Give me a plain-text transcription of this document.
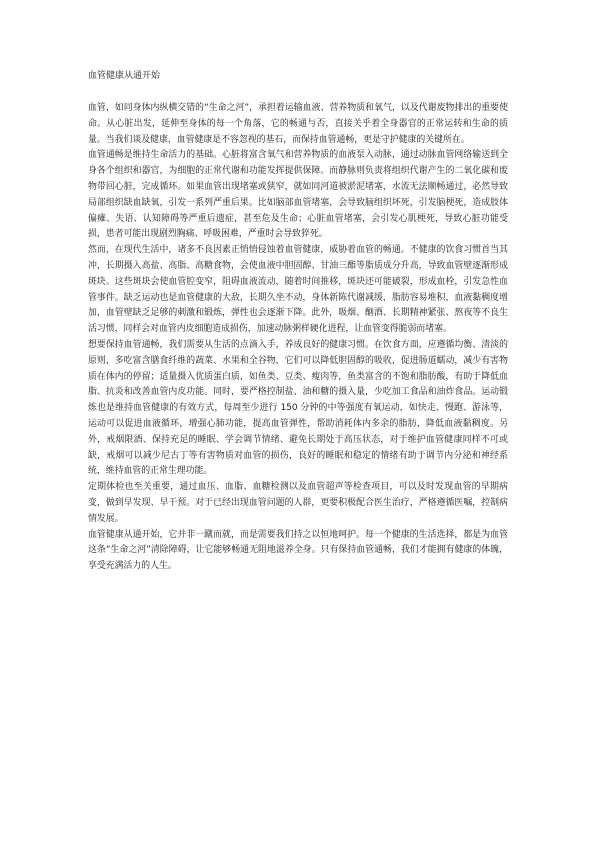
血管健康从通开始

血管，如同身体内纵横交错的“生命之河”，承担着运输血液、营养物质和氧气，以及代谢废物排出的重要使命。从心脏出发，延伸至身体的每一个角落，它的畅通与否，直接关乎着全身器官的正常运转和生命的质量。当我们谈及健康，血管健康是不容忽视的基石，而保持血管通畅，更是守护健康的关键所在。

血管通畅是维持生命活力的基础。心脏将富含氧气和营养物质的血液泵入动脉，通过动脉血管网络输送到全身各个组织和器官，为细胞的正常代谢和功能发挥提供保障。而静脉则负责将组织代谢产生的二氧化碳和废物带回心脏，完成循环。如果血管出现堵塞或狭窄，就如同河道被淤泥堵塞，水流无法顺畅通过，必然导致局部组织缺血缺氧，引发一系列严重后果。比如脑部血管堵塞，会导致脑组织坏死，引发脑梗死，造成肢体偏瘫、失语、认知障碍等严重后遗症，甚至危及生命；心脏血管堵塞，会引发心肌梗死，导致心脏功能受损，患者可能出现剧烈胸痛、呼吸困难，严重时会导致猝死。

然而，在现代生活中，诸多不良因素正悄悄侵蚀着血管健康，威胁着血管的畅通。不健康的饮食习惯首当其冲，长期摄入高盐、高脂、高糖食物，会使血液中胆固醇、甘油三酯等脂质成分升高，导致血管壁逐渐形成斑块。这些斑块会使血管腔变窄，阻碍血液流动，随着时间推移，斑块还可能破裂，形成血栓，引发急性血管事件。缺乏运动也是血管健康的大敌，长期久坐不动，身体新陈代谢减缓，脂肪容易堆积，血液黏稠度增加，血管壁缺乏足够的刺激和锻炼，弹性也会逐渐下降。此外，吸烟、酗酒、长期精神紧张、熬夜等不良生活习惯，同样会对血管内皮细胞造成损伤，加速动脉粥样硬化进程，让血管变得脆弱而堵塞。

想要保持血管通畅，我们需要从生活的点滴入手，养成良好的健康习惯。在饮食方面，应遵循均衡、清淡的原则，多吃富含膳食纤维的蔬菜、水果和全谷物，它们可以降低胆固醇的吸收，促进肠道蠕动，减少有害物质在体内的停留；适量摄入优质蛋白质，如鱼类、豆类、瘦肉等，鱼类富含的不饱和脂肪酸，有助于降低血脂、抗炎和改善血管内皮功能。同时，要严格控制盐、油和糖的摄入量，少吃加工食品和油炸食品。运动锻炼也是维持血管健康的有效方式，每周至少进行 150 分钟的中等强度有氧运动，如快走、慢跑、游泳等，运动可以促进血液循环，增强心肺功能，提高血管弹性，帮助消耗体内多余的脂肪，降低血液黏稠度。另外，戒烟限酒、保持充足的睡眠、学会调节情绪、避免长期处于高压状态，对于维护血管健康同样不可或缺，戒烟可以减少尼古丁等有害物质对血管的损伤，良好的睡眠和稳定的情绪有助于调节内分泌和神经系统，维持血管的正常生理功能。

定期体检也至关重要，通过血压、血脂、血糖检测以及血管超声等检查项目，可以及时发现血管的早期病变，做到早发现、早干预。对于已经出现血管问题的人群，更要积极配合医生治疗，严格遵循医嘱，控制病情发展。

血管健康从通开始，它并非一蹴而就，而是需要我们持之以恒地呵护。每一个健康的生活选择，都是为血管这条“生命之河”清除障碍，让它能够畅通无阻地滋养全身。只有保持血管通畅，我们才能拥有健康的体魄，享受充满活力的人生。
